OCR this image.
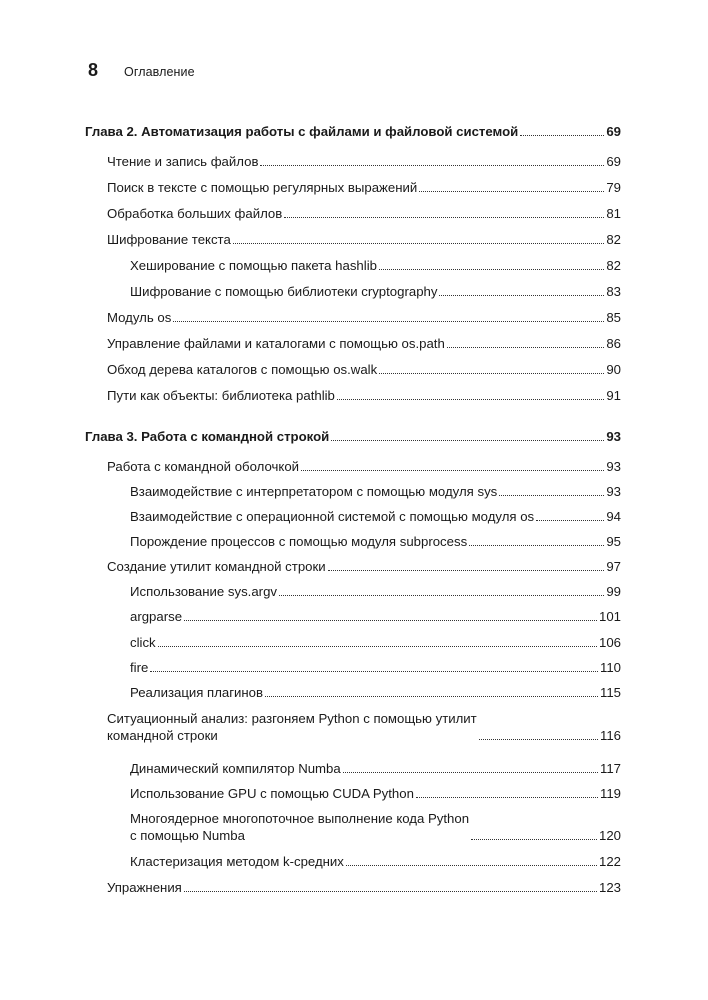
8	Оглавление
Глава 2. Автоматизация работы с файлами и файловой системой	69
Чтение и запись файлов	69
Поиск в тексте с помощью регулярных выражений	79
Обработка больших файлов	81
Шифрование текста	82
Хеширование с помощью пакета hashlib	82
Шифрование с помощью библиотеки cryptography	83
Модуль os	85
Управление файлами и каталогами с помощью os.path	86
Обход дерева каталогов с помощью os.walk	90
Пути как объекты: библиотека pathlib	91
Глава 3. Работа с командной строкой	93
Работа с командной оболочкой	93
Взаимодействие с интерпретатором с помощью модуля sys	93
Взаимодействие с операционной системой с помощью модуля os	94
Порождение процессов с помощью модуля subprocess	95
Создание утилит командной строки	97
Использование sys.argv	99
argparse	101
click	106
fire	110
Реализация плагинов	115
Ситуационный анализ: разгоняем Python с помощью утилит
командной строки	116
Динамический компилятор Numba	117
Использование GPU с помощью CUDA Python	119
Многоядерное многопоточное выполнение кода Python
с помощью Numba	120
Кластеризация методом k-средних	122
Упражнения	123
